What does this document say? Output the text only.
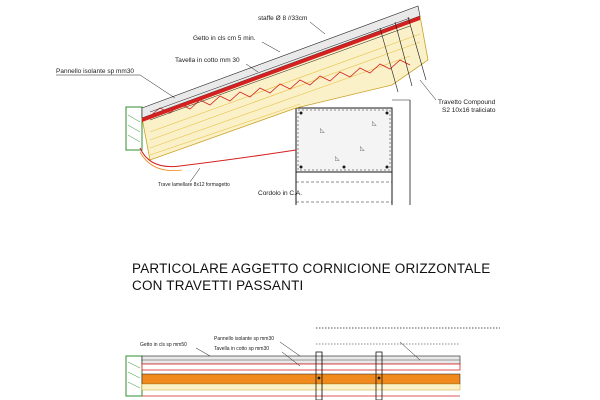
◺
◺
◺
◺
staffe Ø 8 //33cm
Getto in cls cm 5 min.
Tavella in cotto mm 30
Pannello isolante sp mm30
Travetto Compound
S2 10x16 traliciato
Trave lamellare 8x12 formagetto
Cordolo in C.A.
PARTICOLARE AGGETTO CORNICIONE ORIZZONTALE
CON TRAVETTI PASSANTI
Getto in cls sp mm50
Pannello isolante sp mm30
Tavella in cotto sp mm30
